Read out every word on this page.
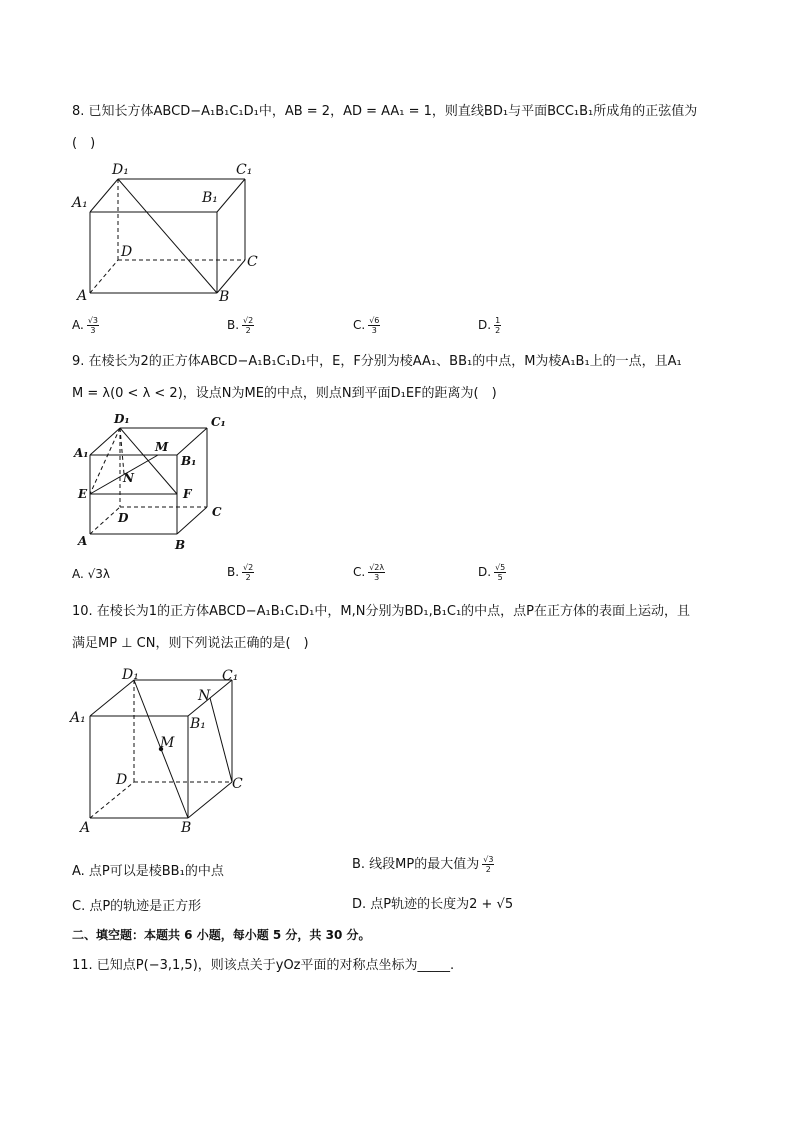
8. 已知长方体ABCD−A₁B₁C₁D₁中，AB = 2，AD = AA₁ = 1，则直线BD₁与平面BCC₁B₁所成角的正弦值为
(　)
D₁	C₁
A₁	B₁
D
C
A	B
A. $\frac{√3}{3}$	B. $\frac{√2}{2}$	C. $\frac{√6}{3}$	D. $\frac{1}{2}$
9. 在棱长为2的正方体ABCD−A₁B₁C₁D₁中，E，F分别为棱AA₁、BB₁的中点，M为棱A₁B₁上的一点，且A₁
M = λ(0 < λ < 2)，设点N为ME的中点，则点N到平面D₁EF的距离为(　)
D₁	C₁
A₁	M
B₁
N
E	F
D	C
A	B
A. √3λ	B. $\frac{√2}{2}$	C. $\frac{√2\lambda}{3}$	D. $\frac{√5}{5}$
10. 在棱长为1的正方体ABCD−A₁B₁C₁D₁中，M,N分别为BD₁,B₁C₁的中点，点P在正方体的表面上运动，且
满足MP ⊥ CN，则下列说法正确的是(　)
D₁	C₁
N
A₁	B₁
M
D	C
A	B
A. 点P可以是棱BB₁的中点	B. 线段MP的最大值为 $\frac{√3}{2}$
C. 点P的轨迹是正方形	D. 点P轨迹的长度为2 + √5
二、填空题：本题共 6 小题，每小题 5 分，共 30 分。
11. 已知点P(−3,1,5)，则该点关于yOz平面的对称点坐标为_____.
